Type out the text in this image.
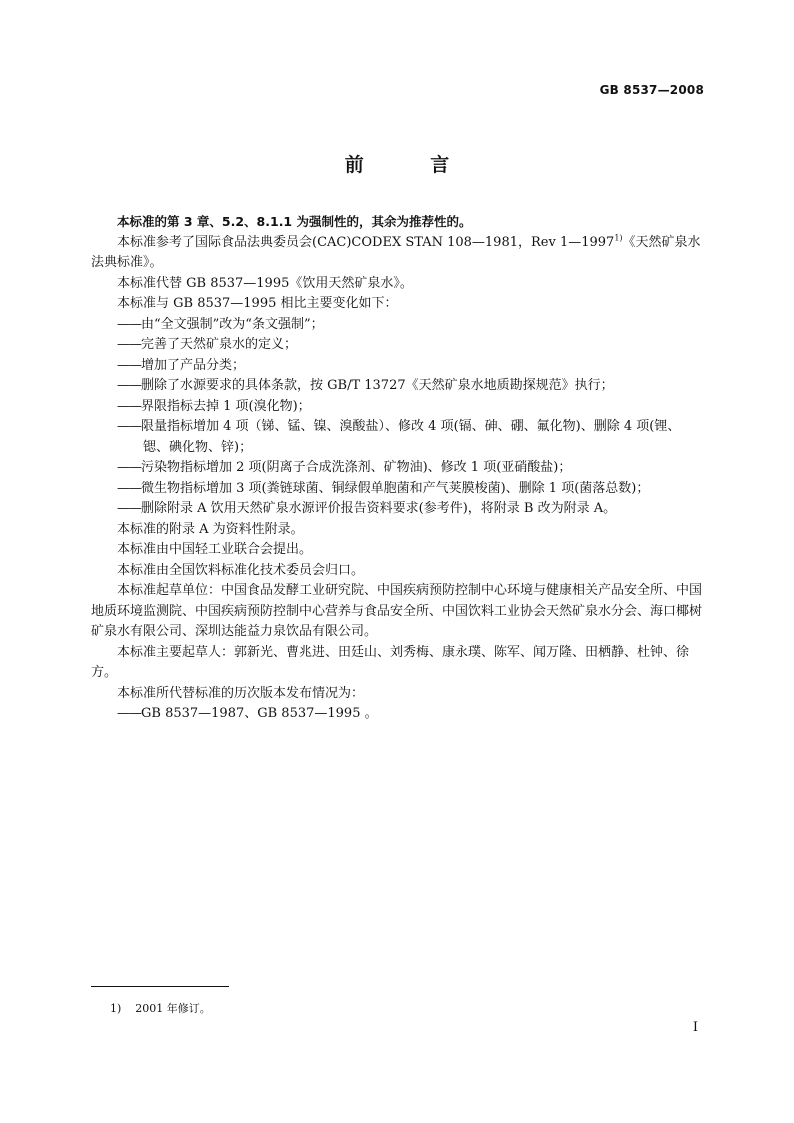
GB 8537—2008
前 言

本标准的第 3 章、5.2、8.1.1 为强制性的，其余为推荐性的。

本标准参考了国际食品法典委员会(CAC)CODEX STAN 108—1981，Rev 1—1997$^{1)}$《天然矿泉水法典标准》。

本标准代替 GB 8537—1995《饮用天然矿泉水》。

本标准与 GB 8537—1995 相比主要变化如下：

——由“全文强制”改为“条文强制”；

——完善了天然矿泉水的定义；

——增加了产品分类；

——删除了水源要求的具体条款，按 GB/T 13727《天然矿泉水地质勘探规范》执行；

——界限指标去掉 1 项(溴化物)；

——限量指标增加 4 项（锑、锰、镍、溴酸盐）、修改 4 项(镉、砷、硼、氟化物)、删除 4 项(锂、锶、碘化物、锌)；

——污染物指标增加 2 项(阴离子合成洗涤剂、矿物油)、修改 1 项(亚硝酸盐)；

——微生物指标增加 3 项(粪链球菌、铜绿假单胞菌和产气荚膜梭菌)、删除 1 项(菌落总数)；

——删除附录 A 饮用天然矿泉水源评价报告资料要求(参考件)，将附录 B 改为附录 A。

本标准的附录 A 为资料性附录。

本标准由中国轻工业联合会提出。

本标准由全国饮料标准化技术委员会归口。

本标准起草单位：中国食品发酵工业研究院、中国疾病预防控制中心环境与健康相关产品安全所、中国地质环境监测院、中国疾病预防控制中心营养与食品安全所、中国饮料工业协会天然矿泉水分会、海口椰树矿泉水有限公司、深圳达能益力泉饮品有限公司。

本标准主要起草人：郭新光、曹兆进、田廷山、刘秀梅、康永璞、陈军、闻万隆、田栖静、杜钟、徐方。

本标准所代替标准的历次版本发布情况为：

——GB 8537—1987、GB 8537—1995 。

1) 2001 年修订。
I
